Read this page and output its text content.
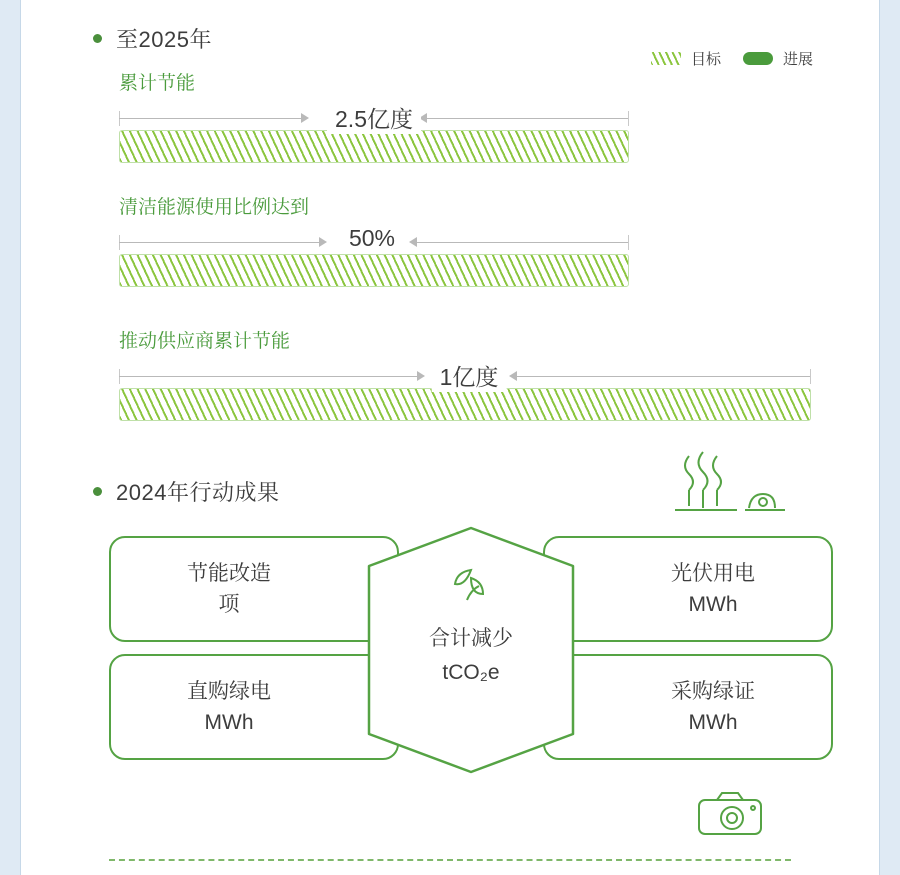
至2025年
目标	进展
累计节能
2.5亿度
清洁能源使用比例达到
50%
推动供应商累计节能
1亿度
2024年行动成果
节能改造
项
直购绿电
MWh
光伏用电
MWh
采购绿证
MWh
合计减少
tCO₂e
